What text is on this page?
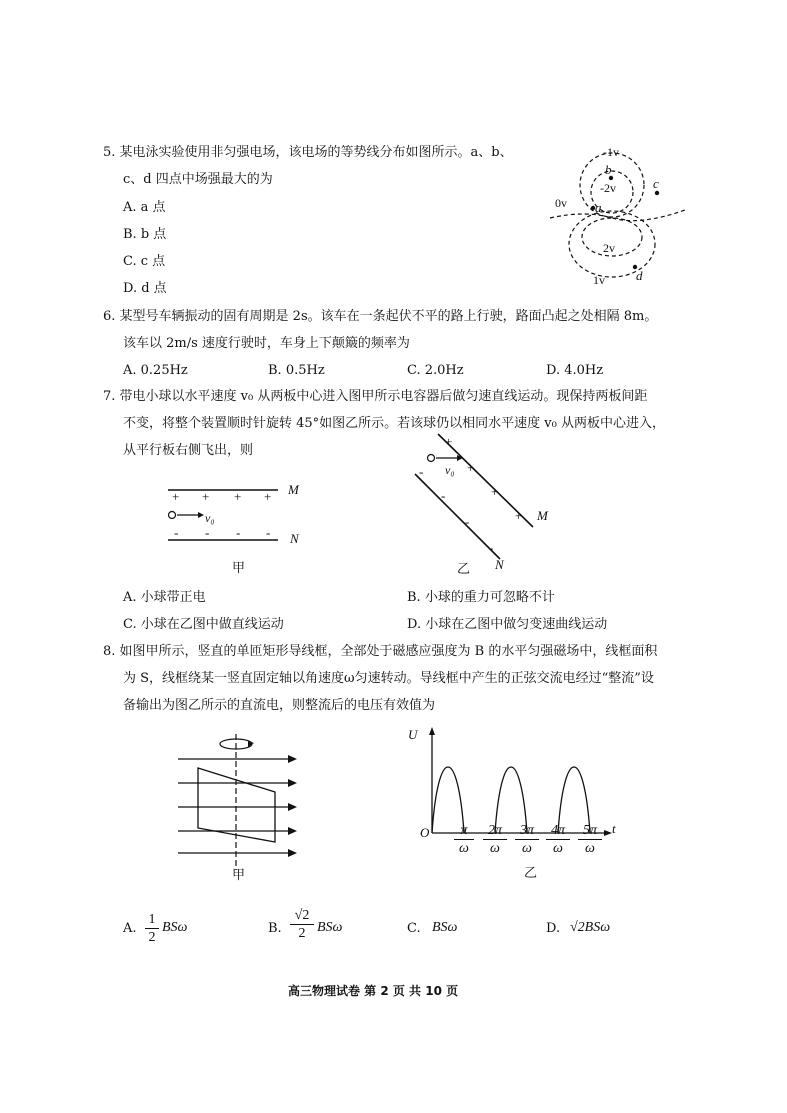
5. 某电泳实验使用非匀强电场，该电场的等势线分布如图所示。a、b、
c、d 四点中场强最大的为
A. a 点
B. b 点
C. c 点
D. d 点
-1v
b
-2v	c
0v a
2v
d
1v
6. 某型号车辆振动的固有周期是 2s。该车在一条起伏不平的路上行驶，路面凸起之处相隔 8m。
该车以 2m/s 速度行驶时，车身上下颠簸的频率为
A. 0.25Hz	B. 0.5Hz	C. 2.0Hz	D. 4.0Hz
7. 带电小球以水平速度 v₀ 从两板中心进入图甲所示电容器后做匀速直线运动。现保持两板间距
不变，将整个装置顺时针旋转 45°如图乙所示。若该球仍以相同水平速度 v₀ 从两板中心进入，
从平行板右侧飞出，则
+ + + +
- - - -
v₀
M
N
甲
+
+
+
+
-
-
-
-
v₀
M
N
乙
A. 小球带正电	B. 小球的重力可忽略不计
C. 小球在乙图中做直线运动	D. 小球在乙图中做匀变速曲线运动
8. 如图甲所示，竖直的单匝矩形导线框，全部处于磁感应强度为 B 的水平匀强磁场中，线框面积
为 S，线框绕某一竖直固定轴以角速度ω匀速转动。导线框中产生的正弦交流电经过“整流”设
备输出为图乙所示的直流电，则整流后的电压有效值为
甲
U
t
O $\frac{\pi}{\omega} \frac{2\pi}{\omega} \frac{3\pi}{\omega} \frac{4\pi}{\omega} \frac{5\pi}{\omega}$
乙
A. $\frac{1}{2}$ BSω	B. $\frac{√2}{2}$ BSω	C. BSω	D. √2BSω
高三物理试卷 第 2 页 共 10 页
